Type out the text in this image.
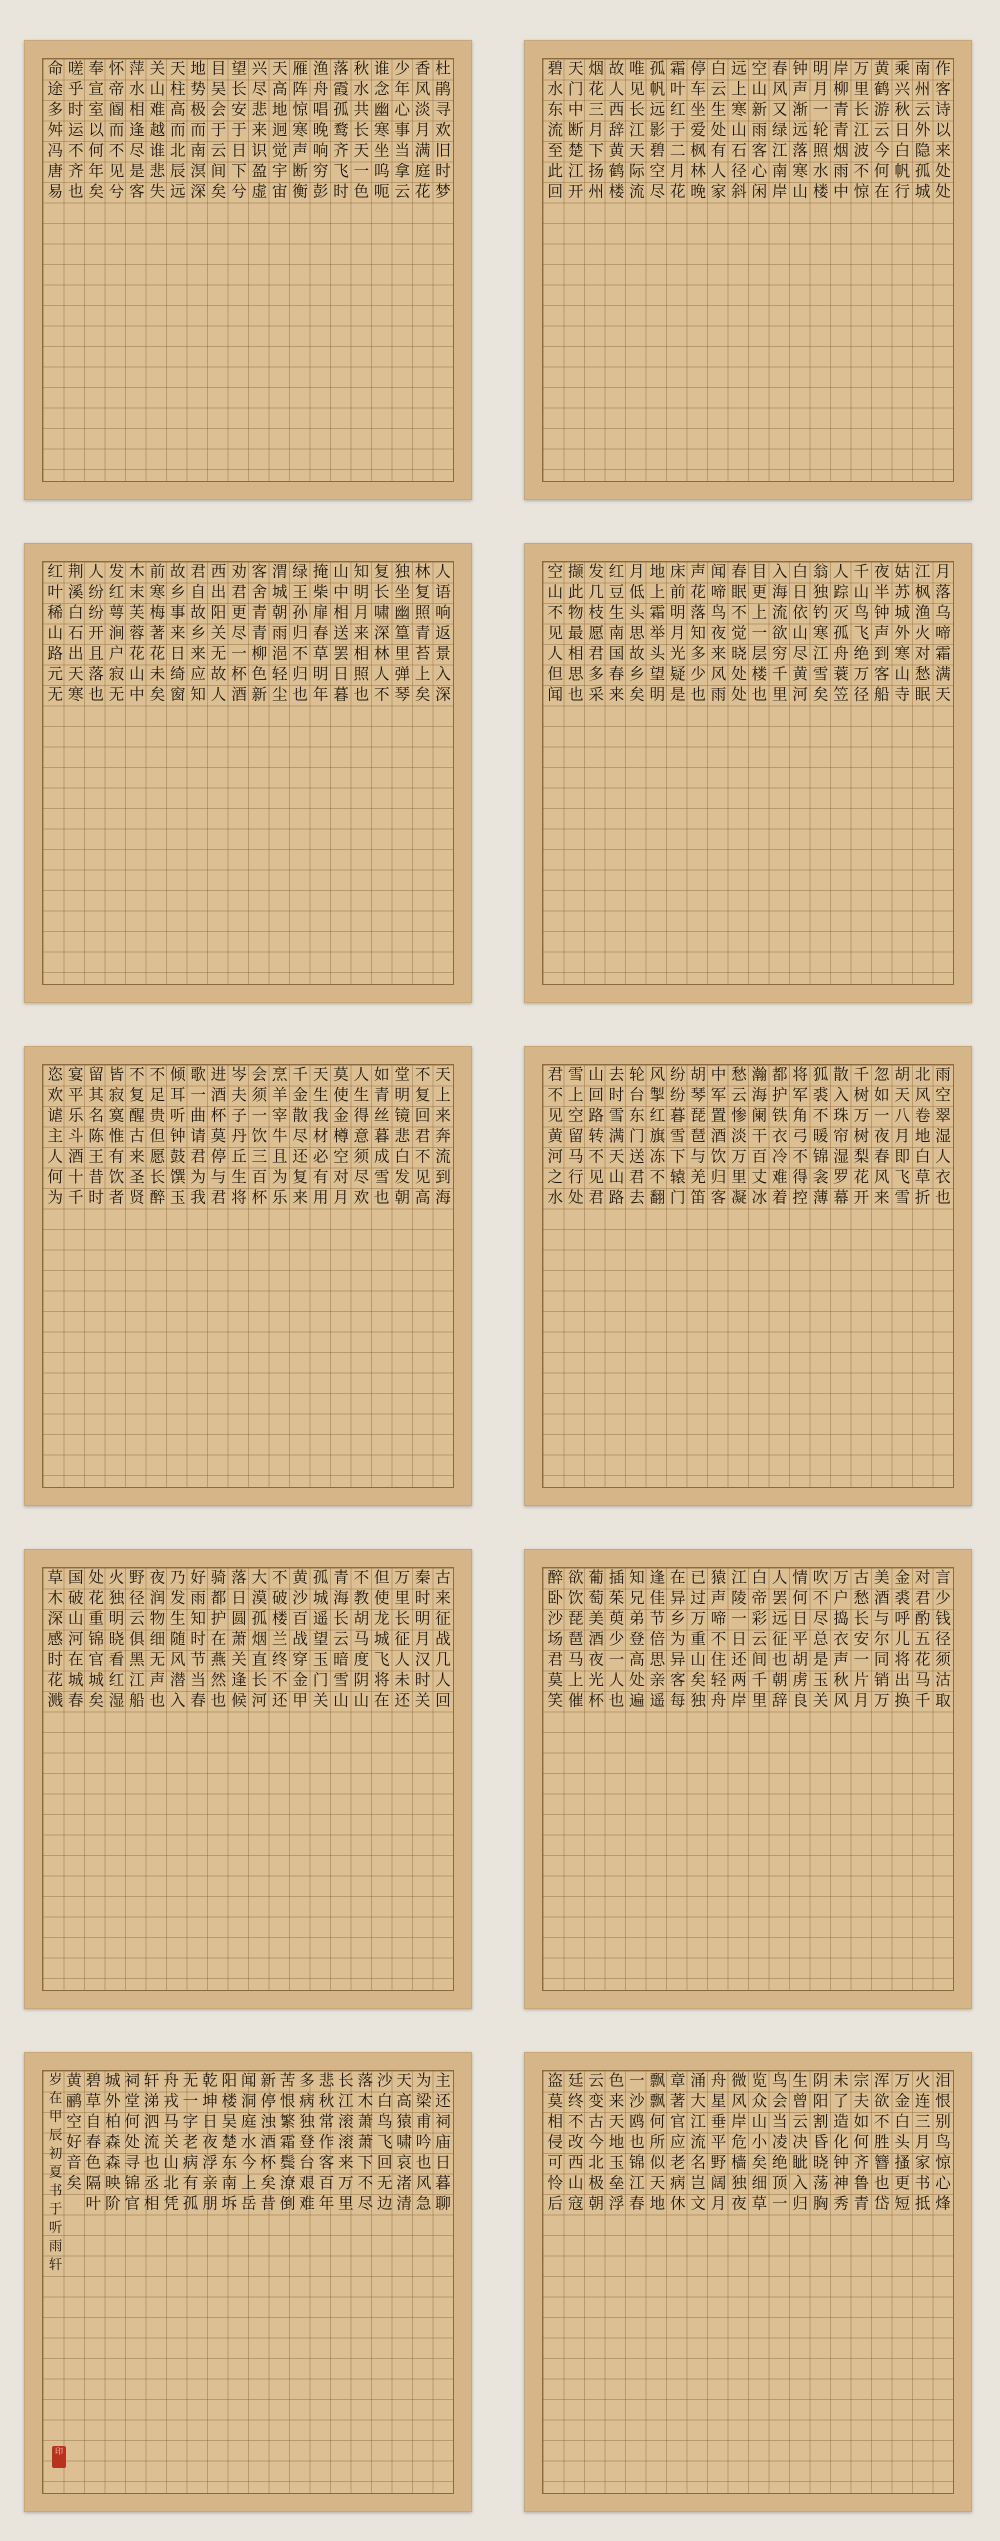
杜鹃寻欢旧时梦
香风淡月满庭花
少年心事当拿云
谁念幽寒坐呜呃
秋水共长天一色
落霞孤鹜齐飞时
渔舟唱晚响穷彭
雁阵惊寒声断衡
天高地迥觉宇宙
兴尽悲来识盈虚
望长安于日下兮
目吴会于云间矣
地势极而南溟深
天柱高而北辰远
关山难越谁悲失
萍水相逢尽是客
怀帝阍而不见兮
奉宣室以何年矣
嗟乎时运不齐也
命途多舛冯唐易	作客诗以来处处
南州云外隐孤城
乘兴秋日白帆行
黄鹤游云今何在
万里长江波不惊
岸柳青青烟雨中
明月一轮照水楼
钟声渐远落寒山
春风又绿江南岸
空山新雨客心闲
远上寒山石径斜
白云生处有人家
停车坐爱枫林晚
霜叶红于二月花
孤帆远影碧空尽
唯见长江天际流
故人西辞黄鹤楼
烟花三月下扬州
天门中断楚江开
碧水东流至此回
人语响返景入深
林复照青苔上矣
独坐幽篁里弹琴
复长啸深林人不
知明月来相照也
山中相送罢日暮
掩柴扉春草明年
绿王孙归不归也
渭城朝雨浥轻尘
客舍青青柳色新
劝君更尽一杯酒
西出阳关无故人
君自故乡来应知
故乡事来日绮窗
前寒梅著花未矣
木末芙蓉花山中
发红萼涧户寂无
人纷纷开且落也
荆溪白石出天寒
红叶稀山路元无	月落乌啼霜满天
江枫渔火对愁眠
姑苏城外寒山寺
夜半钟声到客船
千山鸟飞绝万径
人踪灭孤舟蓑笠
翁独钓寒江雪矣
白日依山尽黄河
入海流欲穷千里
目更上一层楼也
春眠不觉晓处处
闻啼鸟夜来风雨
声花落知多少也
床前明月光疑是
地上霜举头望明
月低头思故乡矣
红豆生南国春来
发几枝愿君多采
撷此物最相思也
空山不见人但闻
天上来奔流到海
不复回君不见高
堂明镜悲白发朝
如青丝暮成雪也
人生得意须尽欢
莫使金樽空对月
天生我材必有用
千金散尽还复来
烹羊宰牛且为乐
会须一饮三百杯
岑夫子丹丘生将
进酒杯莫停与君
歌一曲请君为我
倾耳听钟鼓馔玉
不足贵但愿长醉
不复醒古来圣贤
皆寂寞惟有饮者
留其名陈王昔时
宴平乐斗酒十千
恣欢谑主人何为	雨空翠湿人衣也
北风卷地白草折
胡天八月即飞雪
忽如一夜春风来
千树万树梨花开
散入珠帘湿罗幕
狐裘不暖锦衾薄
将军角弓不得控
都护铁衣冷难着
瀚海阑干百丈冰
愁云惨淡万里凝
中军置酒饮归客
胡琴琵琶与羌笛
纷纷暮雪下辕门
风掣红旗冻不翻
轮台东门送君去
去时雪满天山路
山回路转不见君
雪上空留马行处
君不见黄河之水
古来征战几人回
秦时明月汉时关
万里长征人未还
但使龙城飞将在
不教胡马度阴山
青海长云暗雪山
孤城遥望玉门关
黄沙百战穿金甲
不破楼兰终不还
大漠孤烟直长河
落日圆萧关逢候
骑都护在燕然也
好雨知时节当春
乃发生随风潜入
夜润物细无声也
野径云俱黑江船
火独明晓看红湿
处花重锦官城矣
国破山河在城春
草木深感时花溅	言少钱径须沽取
对君酌五花马千
金裘呼儿将出换
美酒与尔同销万
古愁长安一片月
万户捣衣声秋风
吹不尽总是玉关
情何日平胡虏良
人罢远征也朝辞
白帝彩云间千里
江陵一日还两岸
猿声啼不住轻舟
已过万重山矣独
在异乡为异客每
逢佳节倍思亲遥
知兄弟登高处遍
插茱萸少一人也
葡萄美酒夜光杯
欲饮琵琶马上催
醉卧沙场君莫笑
主还祠庙日暮聊
为梁甫吟也风急
天高猿啸哀渚清
沙白鸟飞回无边
落木萧萧下不尽
长江滚滚来万里
悲秋常作客百年
多病独登台艰难
苦恨繁霜鬓潦倒
新停浊酒杯矣昔
闻洞庭水今上岳
阳楼吴楚东南坼
乾坤日夜浮亲朋
无一字老病有孤
舟戎马关山北凭
轩涕泗流也丞相
祠堂何处寻锦官
城外柏森森映阶
碧草自春色隔叶
黄鹂空好音矣
岁在甲辰初夏书于听雨轩
印
泪恨别鸟惊心烽
火连三月家书抵
万金白头搔更短
浑欲不胜簪也岱
宗夫如何齐鲁青
未了造化钟神秀
阴阳割昏晓荡胸
生曾云决眦入归
鸟会当凌绝顶一
览众山小矣细草
微风岸危樯独夜
舟星垂平野阔月
涌大江流名岂文
章著官应老病休
飘飘何所似天地
一沙鸥也锦江春
色来天地玉垒浮
云变古今北极朝
廷终不改西山寇
盗莫相侵可怜后
